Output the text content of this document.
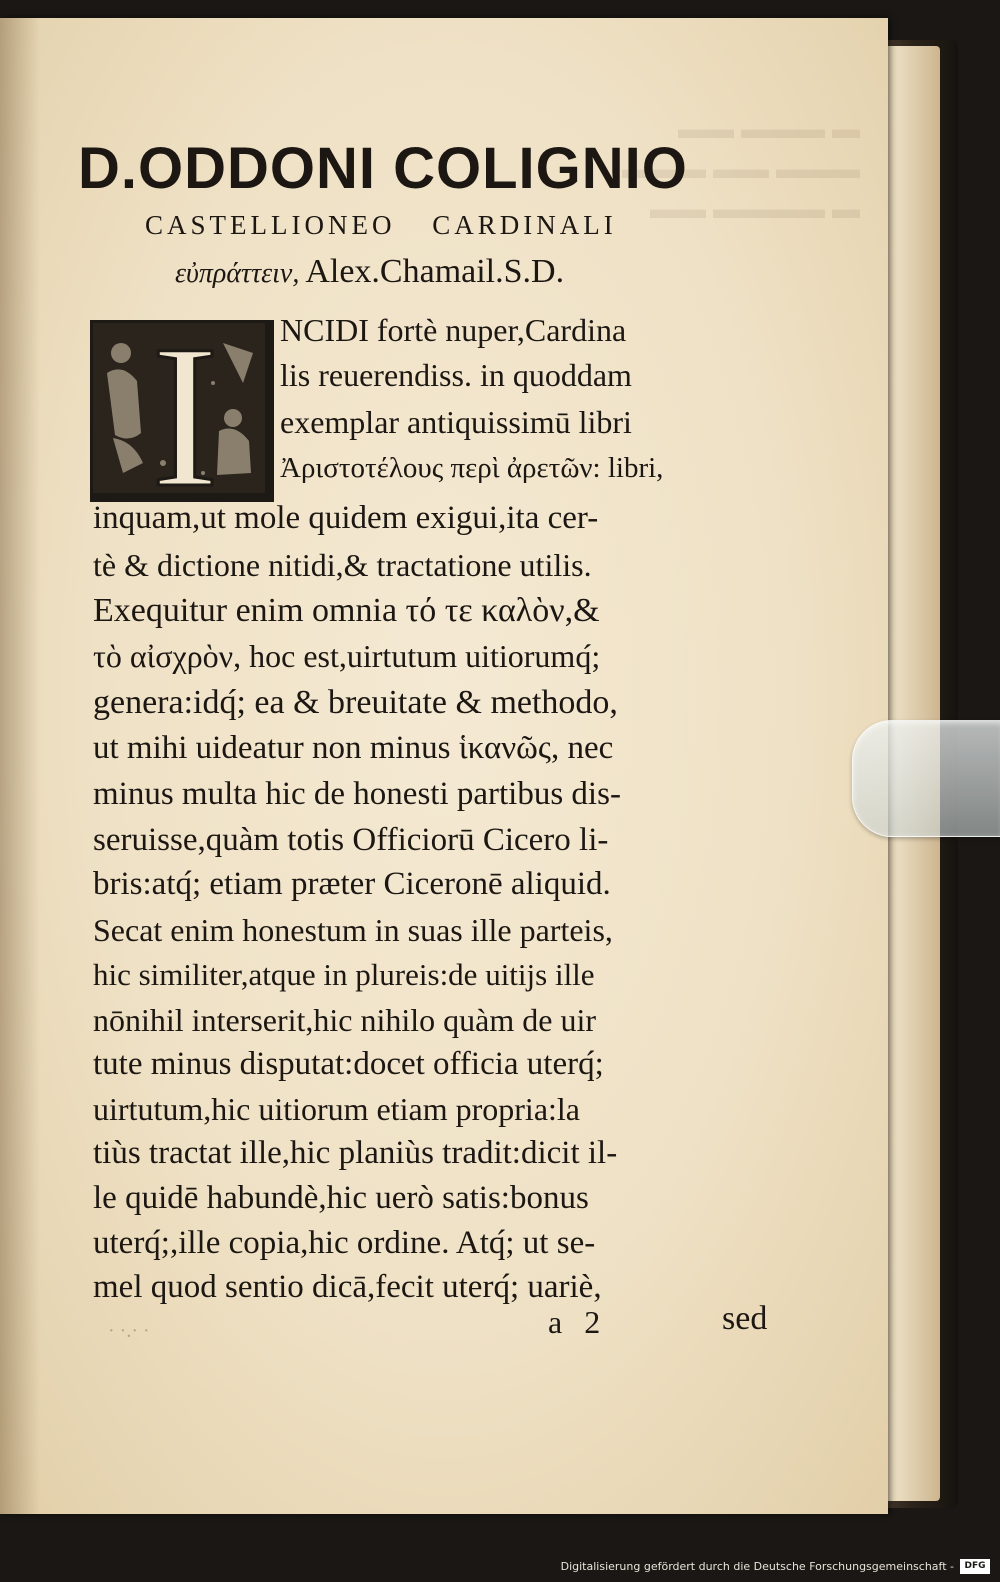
▬ ▬▬▬ ▬▬
▬▬▬ ▬▬ ▬▬▬
▬ ▬▬▬▬ ▬▬
D.ODDONI COLIGNIO
CASTELLIONEO CARDINALI
εὐπράττειν, Alex.Chamail.S.D.
I NCIDI fortè nuper,Cardina
lis reuerendiss. in quoddam
exemplar antiquissimū libri
Ἀριστοτέλους περὶ ἀρετῶν: libri,
inquam,ut mole quidem exigui,ita cer-
tè & dictione nitidi,& tractatione utilis.
Exequitur enim omnia τό τε καλὸν,&
τὸ αἰσχρὸν, hoc est,uirtutum uitiorumq́;
genera:idq́; ea & breuitate & methodo,
ut mihi uideatur non minus ἱκανῶς, nec
minus multa hic de honesti partibus dis-
seruisse,quàm totis Officiorū Cicero li-
bris:atq́; etiam præter Ciceronē aliquid.
Secat enim honestum in suas ille parteis,
hic similiter,atque in plureis:de uitijs ille
nōnihil interserit,hic nihilo quàm de uir
tute minus disputat:docet officia uterq́;
uirtutum,hic uitiorum etiam propria:la
tiùs tractat ille,hic planiùs tradit:dicit il-
le quidē habundè,hic uerò satis:bonus
uterq́;,ille copia,hic ordine. Atq́; ut se-
mel quod sentio dicā,fecit uterq́; uariè,
· ·.· ·	a 2	sed
Digitalisierung gefördert durch die Deutsche Forschungsgemeinschaft -	DFG
